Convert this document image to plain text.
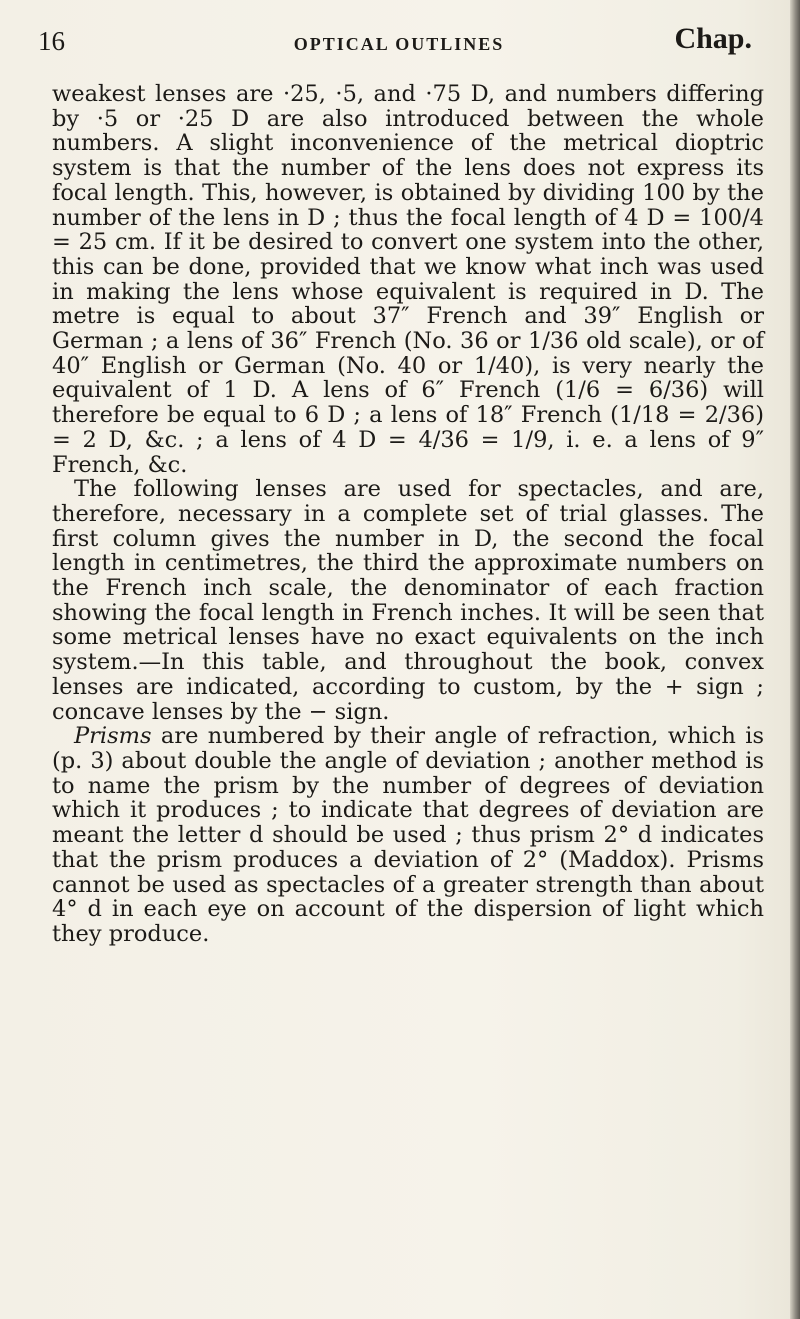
16	OPTICAL OUTLINES	Chap.

weakest lenses are ·25, ·5, and ·75 D, and numbers differing by ·5 or ·25 D are also introduced between the whole numbers. A slight inconvenience of the metrical dioptric system is that the number of the lens does not express its focal length. This, however, is obtained by dividing 100 by the number of the lens in D ; thus the focal length of 4 D = 100/4 = 25 cm. If it be desired to convert one system into the other, this can be done, provided that we know what inch was used in making the lens whose equivalent is required in D. The metre is equal to about 37″ French and 39″ English or German ; a lens of 36″ French (No. 36 or 1/36 old scale), or of 40″ English or German (No. 40 or 1/40), is very nearly the equivalent of 1 D. A lens of 6″ French (1/6 = 6/36) will therefore be equal to 6 D ; a lens of 18″ French (1/18 = 2/36) = 2 D, &c. ; a lens of 4 D = 4/36 = 1/9, i. e. a lens of 9″ French, &c.

The following lenses are used for spectacles, and are, therefore, necessary in a complete set of trial glasses. The first column gives the number in D, the second the focal length in centimetres, the third the approximate numbers on the French inch scale, the denominator of each fraction showing the focal length in French inches. It will be seen that some metrical lenses have no exact equivalents on the inch system.—In this table, and throughout the book, convex lenses are indicated, according to custom, by the + sign ; concave lenses by the − sign.

Prisms are numbered by their angle of refraction, which is (p. 3) about double the angle of deviation ; another method is to name the prism by the number of degrees of deviation which it produces ; to indicate that degrees of deviation are meant the letter d should be used ; thus prism 2° d indicates that the prism produces a deviation of 2° (Maddox). Prisms cannot be used as spectacles of a greater strength than about 4° d in each eye on account of the dispersion of light which they produce.
